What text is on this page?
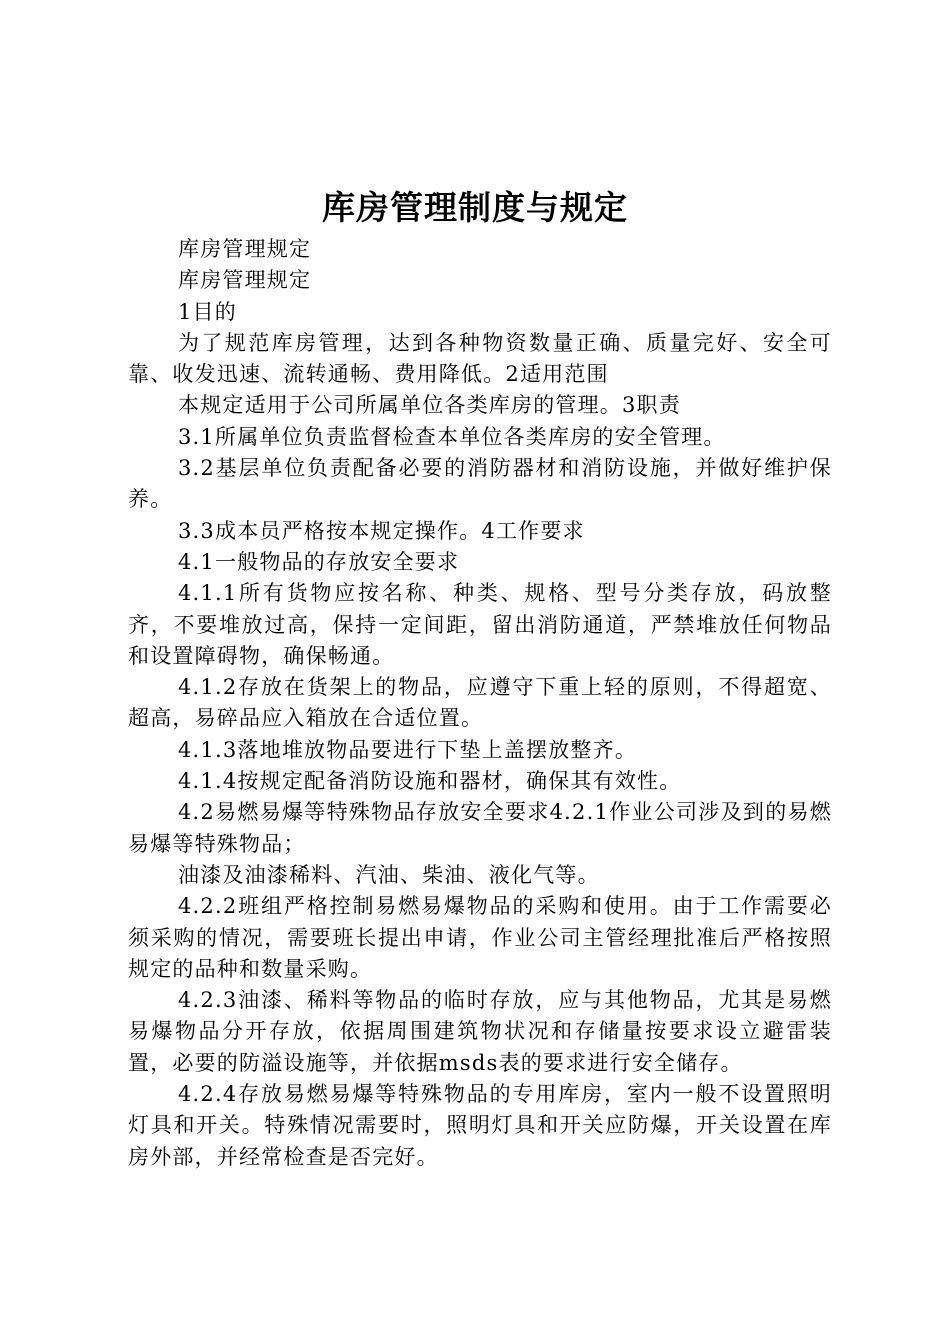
库房管理制度与规定

库房管理规定

库房管理规定

1目的

为了规范库房管理，达到各种物资数量正确、质量完好、安全可靠、收发迅速、流转通畅、费用降低。2适用范围

本规定适用于公司所属单位各类库房的管理。3职责

3.1所属单位负责监督检查本单位各类库房的安全管理。

3.2基层单位负责配备必要的消防器材和消防设施，并做好维护保养。

3.3成本员严格按本规定操作。4工作要求

4.1一般物品的存放安全要求

4.1.1所有货物应按名称、种类、规格、型号分类存放，码放整齐，不要堆放过高，保持一定间距，留出消防通道，严禁堆放任何物品和设置障碍物，确保畅通。

4.1.2存放在货架上的物品，应遵守下重上轻的原则，不得超宽、超高，易碎品应入箱放在合适位置。

4.1.3落地堆放物品要进行下垫上盖摆放整齐。

4.1.4按规定配备消防设施和器材，确保其有效性。

4.2易燃易爆等特殊物品存放安全要求4.2.1作业公司涉及到的易燃易爆等特殊物品；

油漆及油漆稀料、汽油、柴油、液化气等。

4.2.2班组严格控制易燃易爆物品的采购和使用。由于工作需要必须采购的情况，需要班长提出申请，作业公司主管经理批准后严格按照规定的品种和数量采购。

4.2.3油漆、稀料等物品的临时存放，应与其他物品，尤其是易燃易爆物品分开存放，依据周围建筑物状况和存储量按要求设立避雷装置，必要的防溢设施等，并依据msds表的要求进行安全储存。

4.2.4存放易燃易爆等特殊物品的专用库房，室内一般不设置照明灯具和开关。特殊情况需要时，照明灯具和开关应防爆，开关设置在库房外部，并经常检查是否完好。
